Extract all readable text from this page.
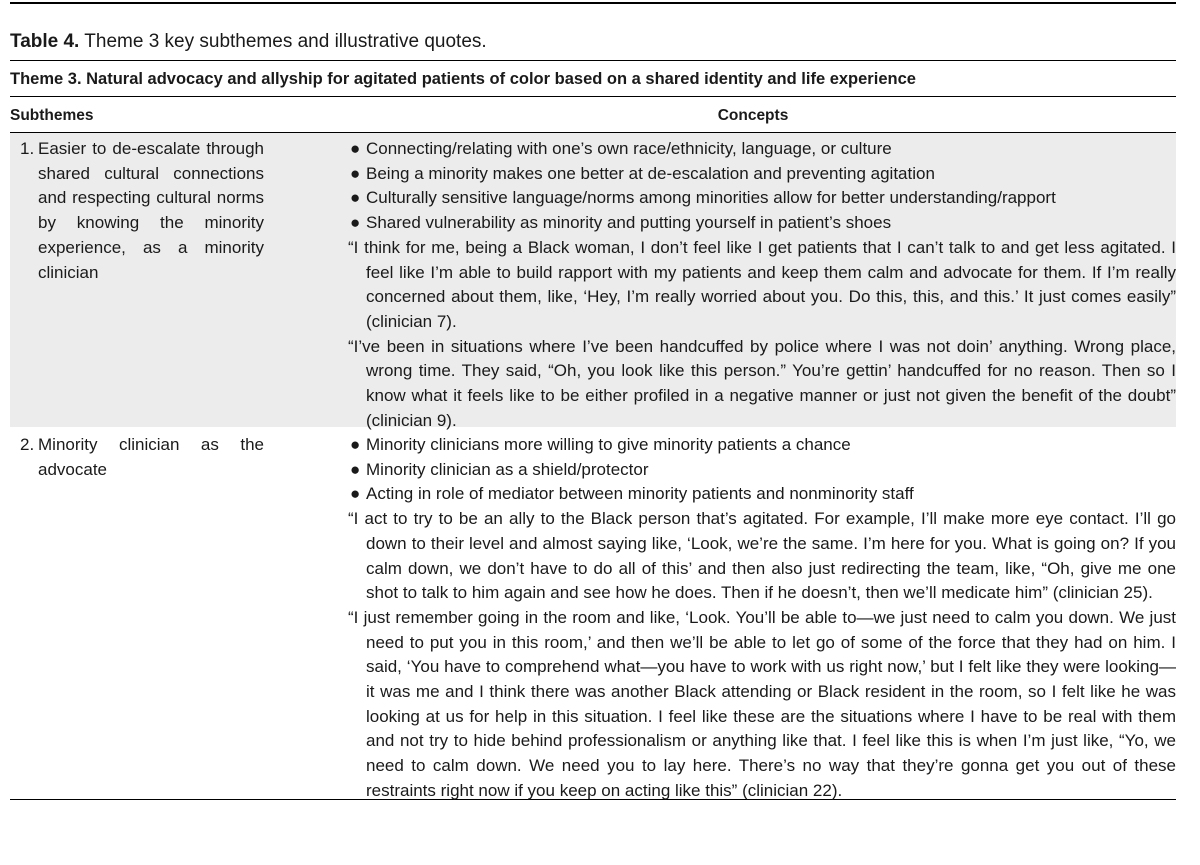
Table 4. Theme 3 key subthemes and illustrative quotes.
Theme 3. Natural advocacy and allyship for agitated patients of color based on a shared identity and life experience
Subthemes	Concepts
1. Easier to de-escalate through shared cultural connections and respecting cultural norms by knowing the minority experience, as a minority clinician
● Connecting/relating with one’s own race/ethnicity, language, or culture
● Being a minority makes one better at de-escalation and preventing agitation
● Culturally sensitive language/norms among minorities allow for better understanding/rapport
● Shared vulnerability as minority and putting yourself in patient’s shoes
“I think for me, being a Black woman, I don’t feel like I get patients that I can’t talk to and get less agitated. I feel like I’m able to build rapport with my patients and keep them calm and advocate for them. If I’m really concerned about them, like, ‘Hey, I’m really worried about you. Do this, this, and this.’ It just comes easily” (clinician 7).
“I’ve been in situations where I’ve been handcuffed by police where I was not doin’ anything. Wrong place, wrong time. They said, “Oh, you look like this person.” You’re gettin’ handcuffed for no reason. Then so I know what it feels like to be either profiled in a negative manner or just not given the benefit of the doubt” (clinician 9).
2. Minority clinician as the advocate
● Minority clinicians more willing to give minority patients a chance
● Minority clinician as a shield/protector
● Acting in role of mediator between minority patients and nonminority staff
“I act to try to be an ally to the Black person that’s agitated. For example, I’ll make more eye contact. I’ll go down to their level and almost saying like, ‘Look, we’re the same. I’m here for you. What is going on? If you calm down, we don’t have to do all of this’ and then also just redirecting the team, like, “Oh, give me one shot to talk to him again and see how he does. Then if he doesn’t, then we’ll medicate him” (clinician 25).
“I just remember going in the room and like, ‘Look. You’ll be able to—we just need to calm you down. We just need to put you in this room,’ and then we’ll be able to let go of some of the force that they had on him. I said, ‘You have to comprehend what—you have to work with us right now,’ but I felt like they were looking—it was me and I think there was another Black attending or Black resident in the room, so I felt like he was looking at us for help in this situation. I feel like these are the situations where I have to be real with them and not try to hide behind professionalism or anything like that. I feel like this is when I’m just like, “Yo, we need to calm down. We need you to lay here. There’s no way that they’re gonna get you out of these restraints right now if you keep on acting like this” (clinician 22).
